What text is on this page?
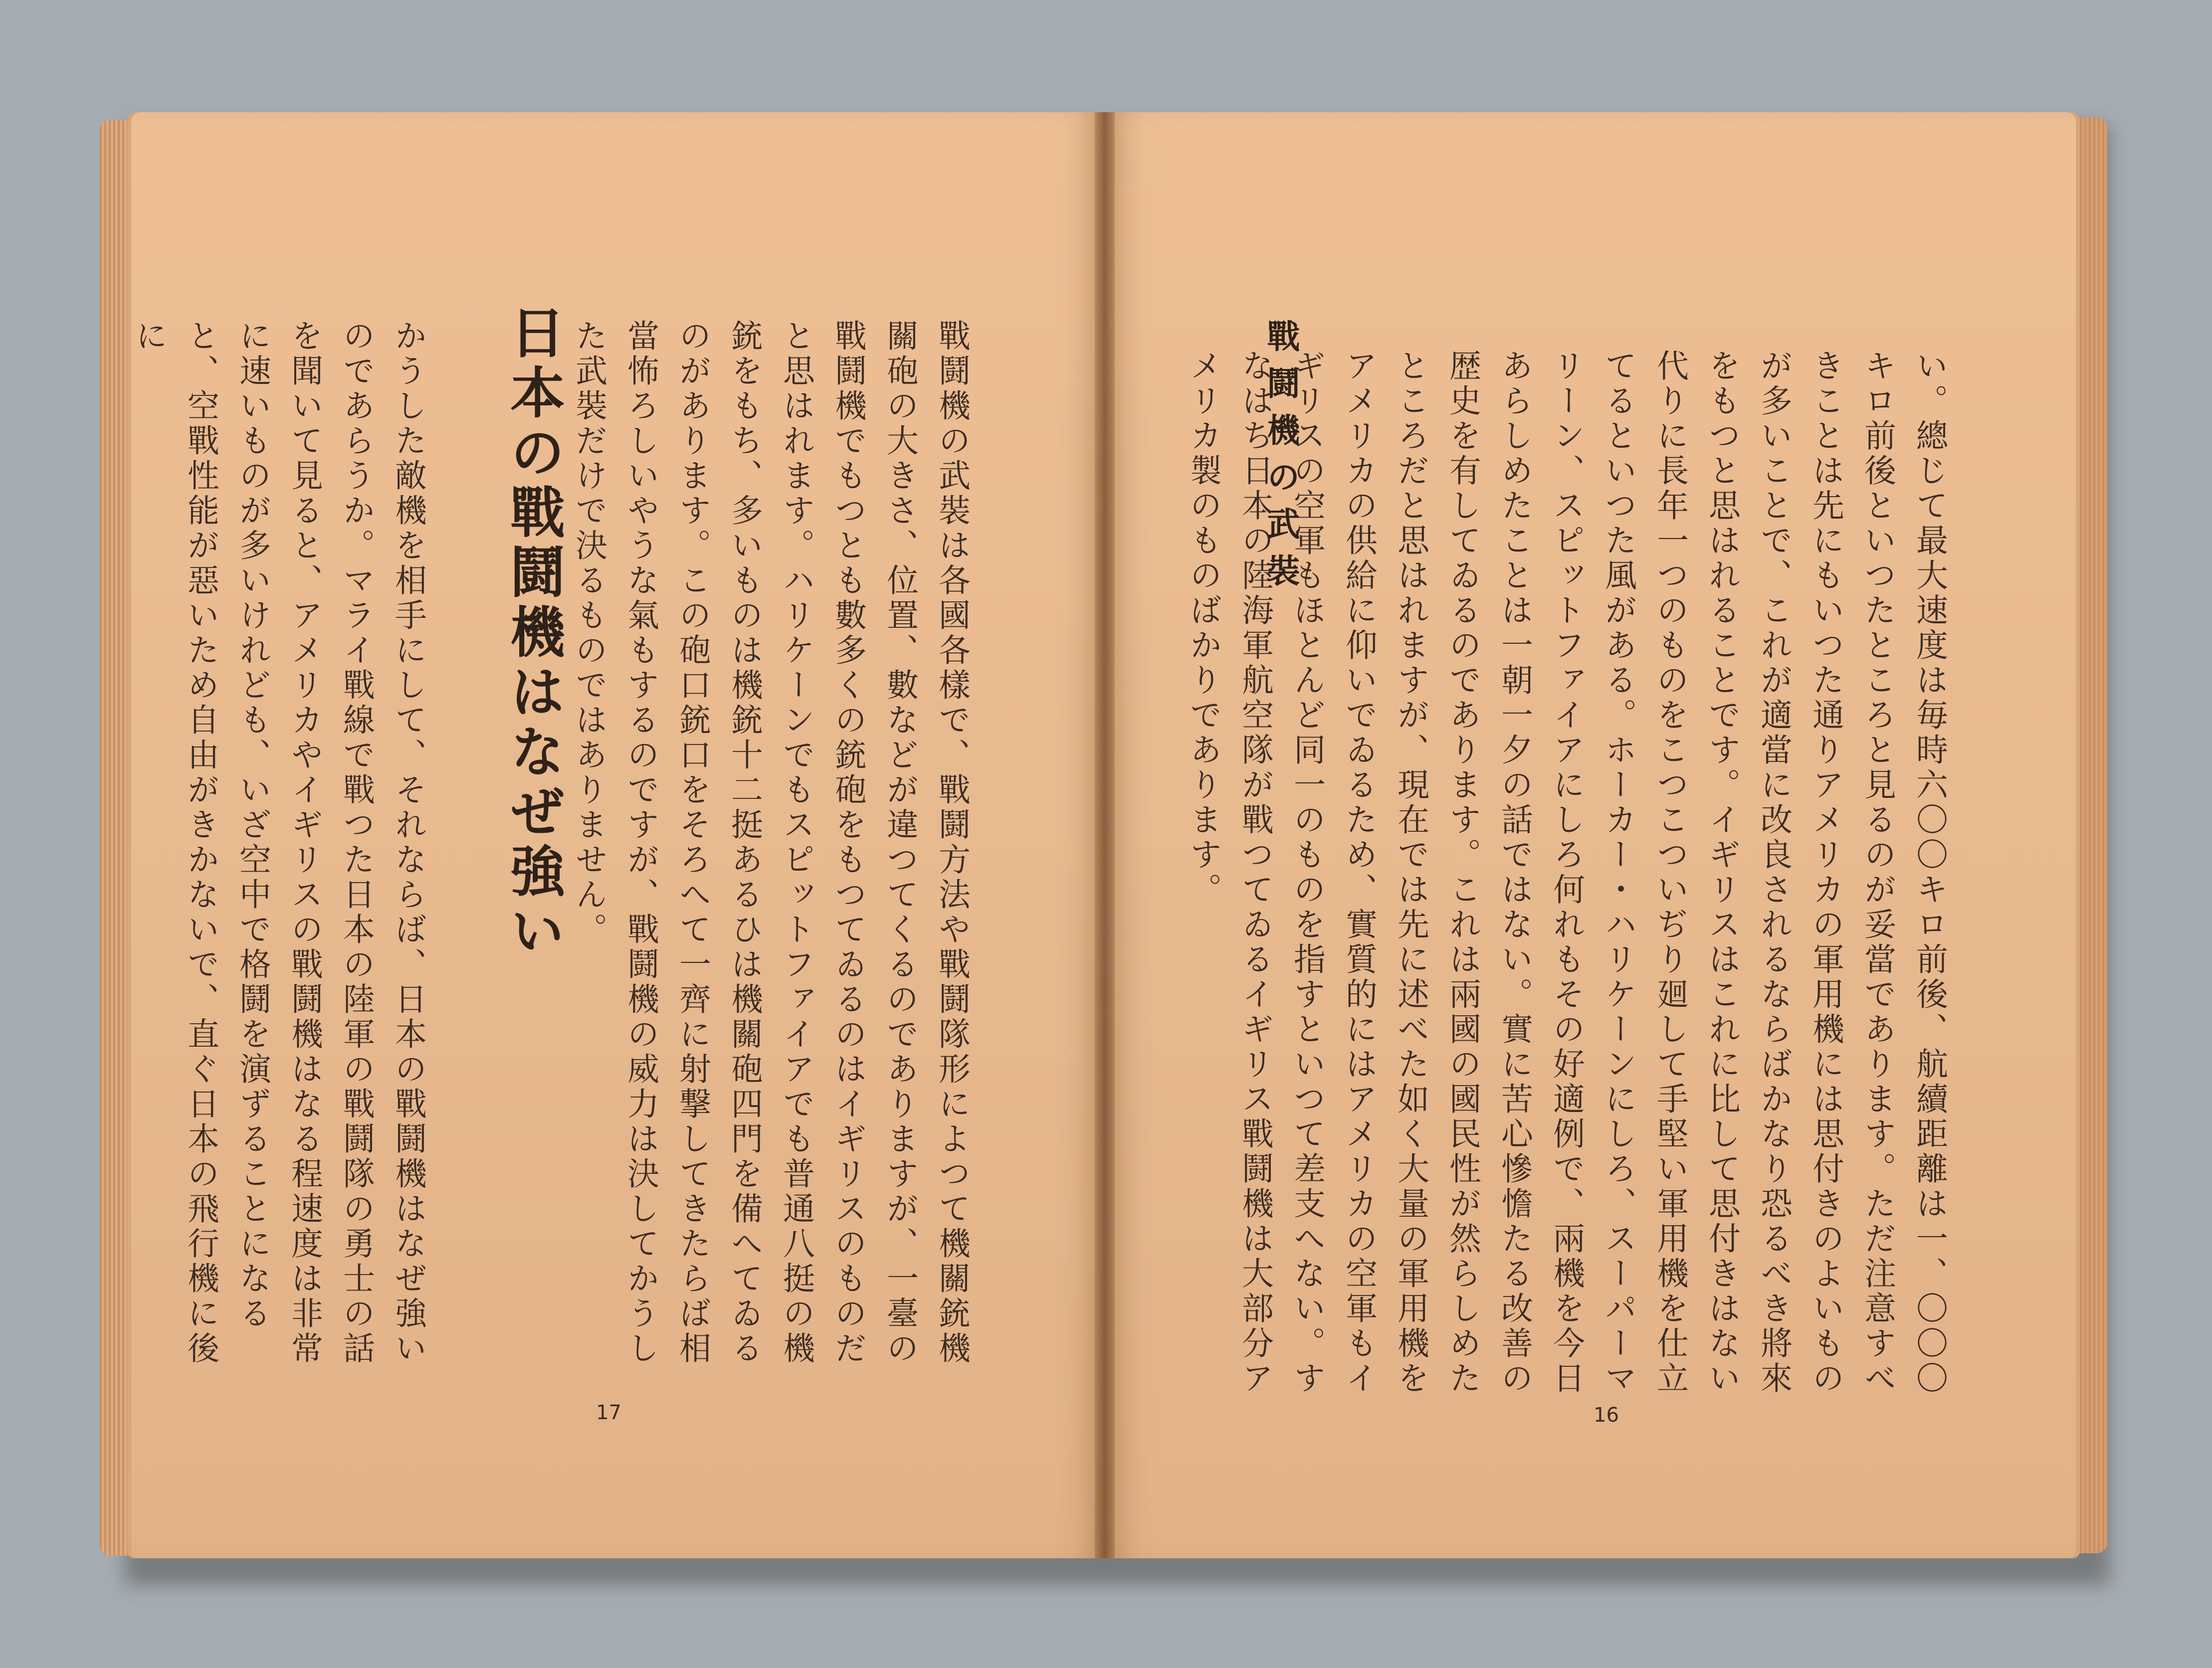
い。總じて最大速度は毎時六〇〇キロ前後、航續距離は一、〇〇〇キロ前後といつたところと見るのが妥當であります。ただ注意すべきことは先にもいつた通りアメリカの軍用機には思付きのよいものが多いことで、これが適當に改良されるならばかなり恐るべき將來をもつと思はれることです。イギリスはこれに比して思付きはない代りに長年一つのものをこつこついぢり廻して手堅い軍用機を仕立てるといつた風がある。ホーカー・ハリケーンにしろ、スーパーマリーン、スピットファイアにしろ何れもその好適例で、兩機を今日あらしめたことは一朝一夕の話ではない。實に苦心慘憺たる改善の歴史を有してゐるのであります。これは兩國の國民性が然らしめたところだと思はれますが、現在では先に述べた如く大量の軍用機をアメリカの供給に仰いでゐるため、實質的にはアメリカの空軍もイギリスの空軍もほとんど同一のものを指すといつて差支へない。すなはち日本の陸海軍航空隊が戰つてゐるイギリス戰鬪機は大部分アメリカ製のものばかりであります。	戰鬪機の武裝
16

戰鬪機の武裝は各國各樣で、戰鬪方法や戰鬪隊形によつて機關銃機關砲の大きさ、位置、數などが違つてくるのでありますが、一臺の戰鬪機でもつとも數多くの銃砲をもつてゐるのはイギリスのものだと思はれます。ハリケーンでもスピットファイアでも普通八挺の機銃をもち、多いものは機銃十二挺あるひは機關砲四門を備へてゐるのがあります。この砲口銃口をそろへて一齊に射撃してきたらば相當怖ろしいやうな氣もするのですが、戰鬪機の威力は決してかうした武裝だけで決るものではありません。

日本の戰鬪機はなぜ強い

かうした敵機を相手にして、それならば、日本の戰鬪機はなぜ強いのであらうか。マライ戰線で戰つた日本の陸軍の戰鬪隊の勇士の話を聞いて見ると、アメリカやイギリスの戰鬪機はなる程速度は非常に速いものが多いけれども、いざ空中で格鬪を演ずることになると、空戰性能が惡いため自由がきかないで、直ぐ日本の飛行機に後に

17
